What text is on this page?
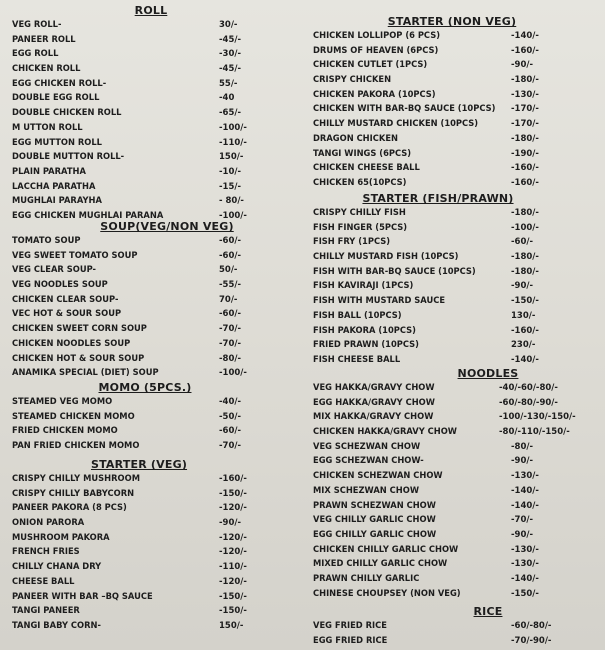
ROLL
VEG ROLL-	30/-
PANEER ROLL	-45/-
EGG ROLL	-30/-
CHICKEN ROLL	-45/-
EGG CHICKEN ROLL-	55/-
DOUBLE EGG ROLL	-40
DOUBLE CHICKEN ROLL	-65/-
M UTTON ROLL	-100/-
EGG MUTTON ROLL	-110/-
DOUBLE MUTTON ROLL-	150/-
PLAIN PARATHA	-10/-
LACCHA PARATHA	-15/-
MUGHLAI PARAYHA	- 80/-
EGG CHICKEN MUGHLAI PARANA	-100/-
SOUP(VEG/NON VEG)
TOMATO SOUP	-60/-
VEG SWEET TOMATO SOUP	-60/-
VEG CLEAR SOUP-	50/-
VEG NOODLES SOUP	-55/-
CHICKEN CLEAR SOUP-	70/-
VEC HOT & SOUR SOUP	-60/-
CHICKEN SWEET CORN SOUP	-70/-
CHICKEN NOODLES SOUP	-70/-
CHICKEN HOT & SOUR SOUP	-80/-
ANAMIKA SPECIAL (DIET) SOUP	-100/-
MOMO (5PCS.)
STEAMED VEG MOMO	-40/-
STEAMED CHICKEN MOMO	-50/-
FRIED CHICKEN MOMO	-60/-
PAN FRIED CHICKEN MOMO	-70/-
STARTER (VEG)
CRISPY CHILLY MUSHROOM	-160/-
CRISPY CHILLY BABYCORN	-150/-
PANEER PAKORA (8 PCS)	-120/-
ONION PARORA	-90/-
MUSHROOM PAKORA	-120/-
FRENCH FRIES	-120/-
CHILLY CHANA DRY	-110/-
CHEESE BALL	-120/-
PANEER WITH BAR –BQ SAUCE	-150/-
TANGI PANEER	-150/-
TANGI BABY CORN-	150/-
STARTER (NON VEG)
CHICKEN LOLLIPOP (6 PCS)	-140/-
DRUMS OF HEAVEN (6PCS)	-160/-
CHICKEN CUTLET (1PCS)	-90/-
CRISPY CHICKEN	-180/-
CHICKEN PAKORA (10PCS)	-130/-
CHICKEN WITH BAR-BQ SAUCE (10PCS) -170/-
CHILLY MUSTARD CHICKEN (10PCS)	-170/-
DRAGON CHICKEN	-180/-
TANGI WINGS (6PCS)	-190/-
CHICKEN CHEESE BALL	-160/-
CHICKEN 65(10PCS)	-160/-
STARTER (FISH/PRAWN)
CRISPY CHILLY FISH	-180/-
FISH FINGER (5PCS)	-100/-
FISH FRY (1PCS)	-60/-
CHILLY MUSTARD FISH (10PCS)	-180/-
FISH WITH BAR-BQ SAUCE (10PCS)	-180/-
FISH KAVIRAJI (1PCS)	-90/-
FISH WITH MUSTARD SAUCE	-150/-
FISH BALL (10PCS)	130/-
FISH PAKORA (10PCS)	-160/-
FRIED PRAWN (10PCS)	230/-
FISH CHEESE BALL	-140/-
NOODLES
VEG HAKKA/GRAVY CHOW	-40/-60/-80/-
EGG HAKKA/GRAVY CHOW	-60/-80/-90/-
MIX HAKKA/GRAVY CHOW	-100/-130/-150/-
CHICKEN HAKKA/GRAVY CHOW	-80/-110/-150/-
VEG SCHEZWAN CHOW	-80/-
EGG SCHEZWAN CHOW-	-90/-
CHICKEN SCHEZWAN CHOW	-130/-
MIX SCHEZWAN CHOW	-140/-
PRAWN SCHEZWAN CHOW	-140/-
VEG CHILLY GARLIC CHOW	-70/-
EGG CHILLY GARLIC CHOW	-90/-
CHICKEN CHILLY GARLIC CHOW	-130/-
MIXED CHILLY GARLIC CHOW	-130/-
PRAWN CHILLY GARLIC	-140/-
CHINESE CHOUPSEY (NON VEG)	-150/-
RICE
VEG FRIED RICE	-60/-80/-
EGG FRIED RICE	-70/-90/-
